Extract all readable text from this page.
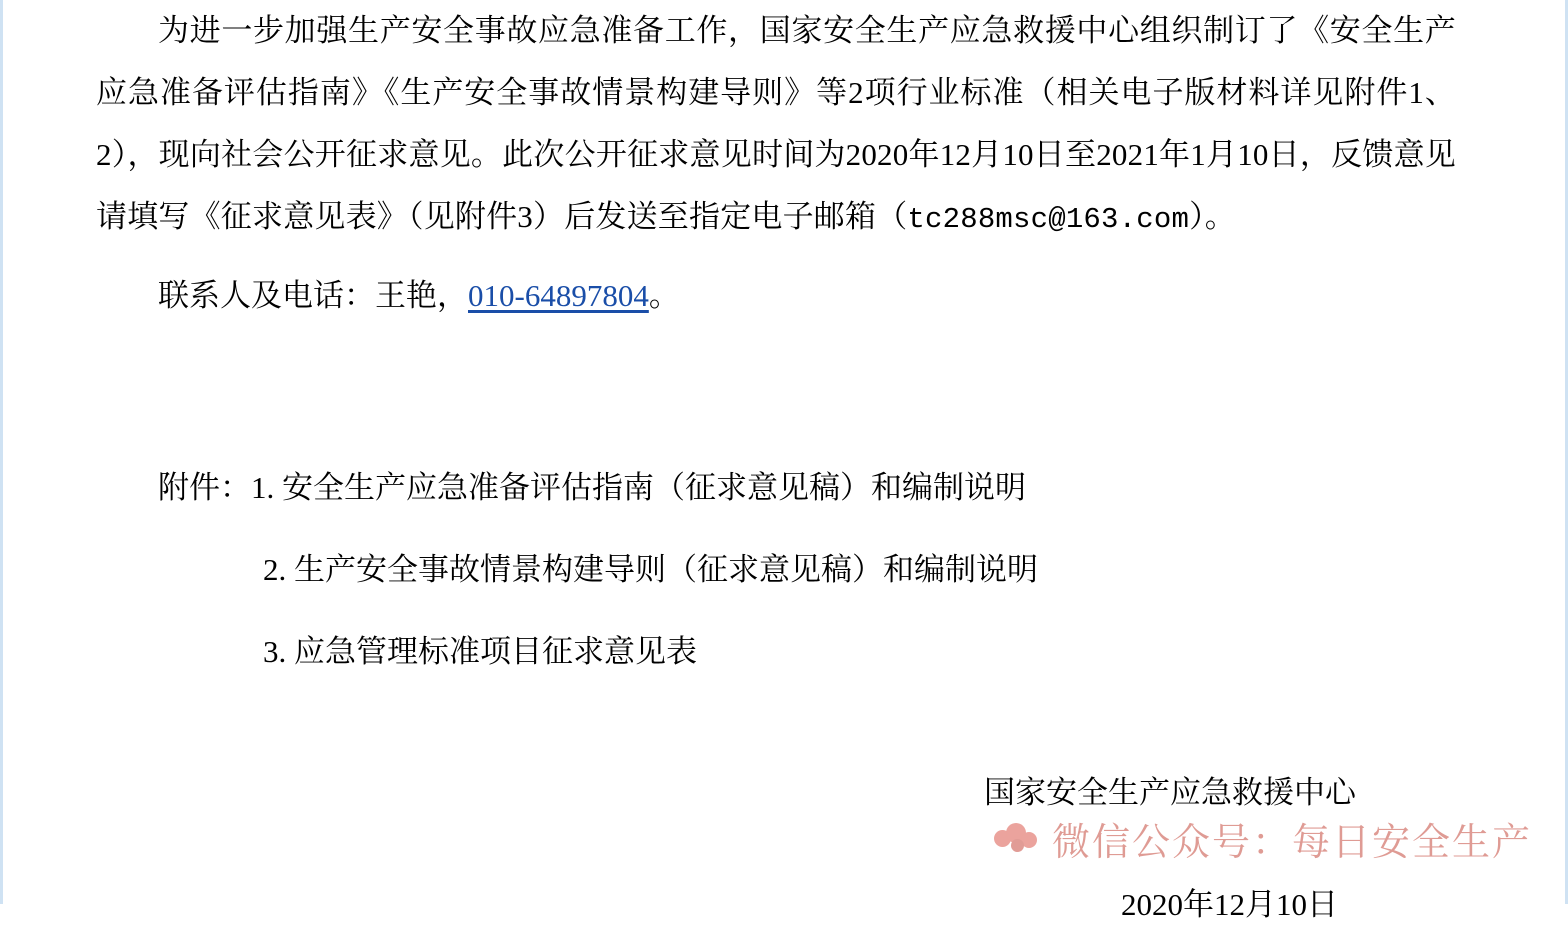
为进一步加强生产安全事故应急准备工作，国家安全生产应急救援中心组织制订了《安全生产应急准备评估指南》《生产安全事故情景构建导则》等2项行业标准（相关电子版材料详见附件1、2），现向社会公开征求意见。此次公开征求意见时间为2020年12月10日至2021年1月10日，反馈意见请填写《征求意见表》（见附件3）后发送至指定电子邮箱（tc288msc@163.com）。

联系人及电话：王艳，010-64897804。

附件：1. 安全生产应急准备评估指南（征求意见稿）和编制说明

2. 生产安全事故情景构建导则（征求意见稿）和编制说明

3. 应急管理标准项目征求意见表

国家安全生产应急救援中心

2020年12月10日

微信公众号：每日安全生产
